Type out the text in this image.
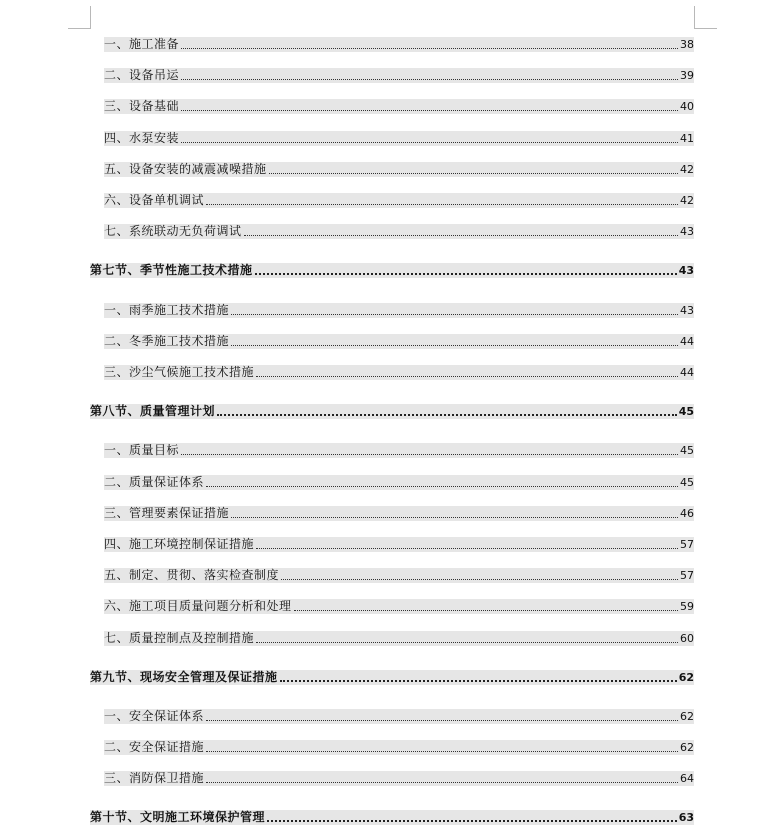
一、施工准备	38
二、设备吊运	39
三、设备基础	40
四、水泵安装	41
五、设备安装的减震减噪措施	42
六、设备单机调试	42
七、系统联动无负荷调试	43
第七节、季节性施工技术措施	43
一、雨季施工技术措施	43
二、冬季施工技术措施	44
三、沙尘气候施工技术措施	44
第八节、质量管理计划	45
一、质量目标	45
二、质量保证体系	45
三、管理要素保证措施	46
四、施工环境控制保证措施	57
五、制定、贯彻、落实检查制度	57
六、施工项目质量问题分析和处理	59
七、质量控制点及控制措施	60
第九节、现场安全管理及保证措施	62
一、安全保证体系	62
二、安全保证措施	62
三、消防保卫措施	64
第十节、文明施工环境保护管理	63
